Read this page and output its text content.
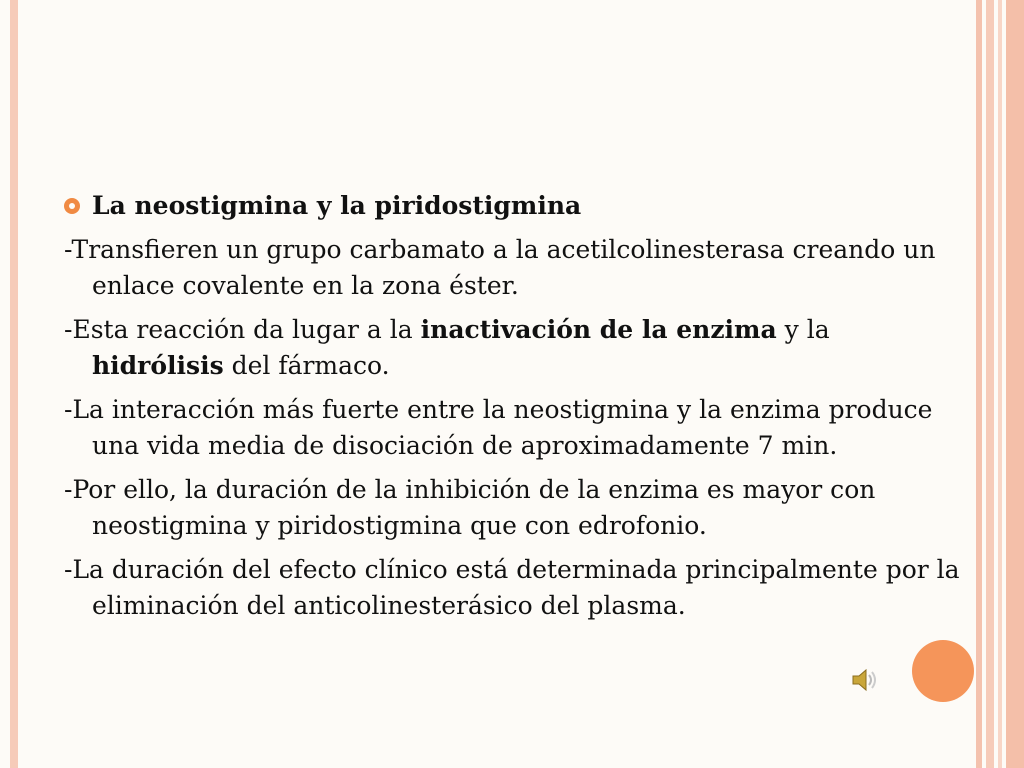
La neostigmina y la piridostigmina
-Transfieren un grupo carbamato a la acetilcolinesterasa creando un enlace covalente en la zona éster.
-Esta reacción da lugar a la inactivación de la enzima y la hidrólisis del fármaco.
-La interacción más fuerte entre la neostigmina y la enzima produce una vida media de disociación de aproximadamente 7 min.
-Por ello, la duración de la inhibición de la enzima es mayor con neostigmina y piridostigmina que con edrofonio.
-La duración del efecto clínico está determinada principalmente por la eliminación del anticolinesterásico del plasma.
